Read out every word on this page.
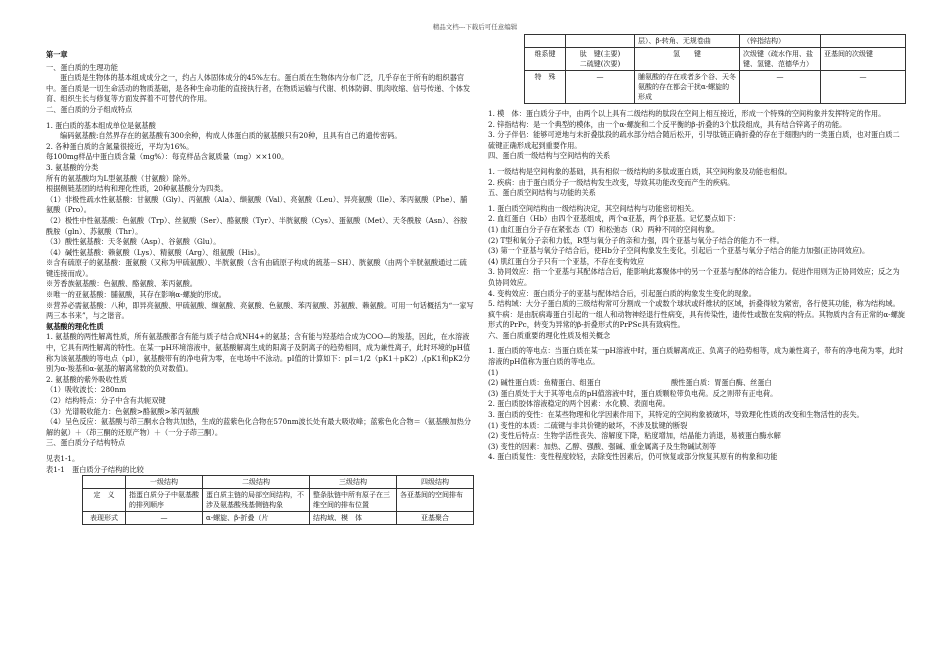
精品文档---下载后可任意编辑

第一章

一、蛋白质的生理功能

蛋白质是生物体的基本组成成分之一，约占人体固体成分的45%左右。蛋白质在生物体内分布广泛，几乎存在于所有的组织器官中。蛋白质是一切生命活动的物质基础，是各种生命功能的直接执行者，在物质运输与代谢、机体防御、肌肉收缩、信号传递、个体发育、组织生长与修复等方面发挥着不可替代的作用。

二、蛋白质的分子组成特点

1. 蛋白质的基本组成单位是氨基酸

编码氨基酸:自然界存在的氨基酸有300余种，构成人体蛋白质的氨基酸只有20种，且具有自己的遗传密码。

2. 各种蛋白质的含氮量很接近，平均为16%。

每100mg样品中蛋白质含量（mg%）：每克样品含氮质量（mg）××100。

3. 氨基酸的分类

所有的氨基酸均为L型氨基酸（甘氨酸）除外。

根据侧链基团的结构和理化性质，20种氨基酸分为四类。

（1）非极性疏水性氨基酸：甘氨酸（Gly）、丙氨酸（Ala）、缬氨酸（Val）、亮氨酸（Leu）、异亮氨酸（Ile）、苯丙氨酸（Phe）、脯氨酸（Pro）。

（2）极性中性氨基酸：色氨酸（Trp）、丝氨酸（Ser）、酪氨酸（Tyr）、半胱氨酸（Cys）、蛋氨酸（Met）、天冬酰胺（Asn）、谷胺酰胺（gln）、苏氨酸（Thr）。

（3）酸性氨基酸：天冬氨酸（Asp）、谷氨酸（Glu）。

（4）碱性氨基酸：赖氨酸（Lys）、精氨酸（Arg）、组氨酸（His）。

※含有硫原子的氨基酸：蛋氨酸（又称为甲硫氨酸）、半胱氨酸（含有由硫原子构成的巯基－SH）、胱氨酸（由两个半胱氨酸通过二硫键连接而成）。

※芳香族氨基酸：色氨酸、酪氨酸、苯丙氨酸。

※唯一的亚氨基酸：脯氨酸，其存在影响α-螺旋的形成。

※营养必需氨基酸：八种，即异亮氨酸、甲硫氨酸、缬氨酸、亮氨酸、色氨酸、苯丙氨酸、苏氨酸、赖氨酸。可用一句话概括为“一家写两三本书来”，与之谐音。

氨基酸的理化性质

1. 氨基酸的两性解离性质，所有氨基酸都含有能与质子结合成NH4+的氨基；含有能与羟基结合成为COO—的羧基，因此，在水溶液中，它具有两性解离的特性。在某一pH环境溶液中，氨基酸解离生成的阳离子及阴离子的趋势相同，成为兼性离子，此时环境的pH值称为该氨基酸的等电点（pI），氨基酸带有的净电荷为零，在电场中不泳动。pI值的计算如下：pI＝1/2（pK1＋pK2）,(pK1和pK2分别为α-羧基和α-氨基的解离常数的负对数值)。

2. 氨基酸的紫外吸收性质

（1）吸收波长：280nm

（2）结构特点：分子中含有共轭双键

（3）光谱吸收能力：色氨酸>酪氨酸>苯丙氨酸

（4）呈色反应：氨基酸与茚三酮水合物共加热，生成的蓝紫色化合物在570nm波长处有最大吸收峰；蓝紫色化合物＝（氨基酸加热分解的氨）＋（茚三酮的还原产物）＋（一分子茚三酮）。

三、蛋白质分子结构特点

见表1-1。

表1-1　蛋白质分子结构的比较

	一级结构	二级结构	三级结构	四级结构
定　义	指蛋白质分子中氨基酸的排列顺序	蛋白质主链的局部空间结构，不涉及氨基酸残基侧链构象	整条肽链中所有原子在三维空间的排布位置	各亚基间的空间排布
表现形式	—	α-螺旋、β-折叠（片	结构域、模　体	亚基聚合
		层）、β-转角、无规卷曲	（锌指结构）	
维系键	肽　键(主要)
二硫键(次要)	氢　　键	次级键（疏水作用、盐键、氢键、范德华力）	亚基间的次级键
特　殊	—	脯氨酸的存在或者多个谷、天冬氨酸的存在都会干扰α-螺旋的形成	—	—

1. 模　体：蛋白质分子中，由两个以上具有二级结构的肽段在空间上相互接近，形成一个特殊的空间构象并发挥特定的作用。

2. 锌指结构：是一个典型的模体，由一个α-螺旋和二个反平衡的β-折叠的3个肽段组成，具有结合锌离子的功能。

3. 分子伴侣：能够可逆地与未折叠肽段的疏水部分结合随后松开，引导肽链正确折叠的存在于细胞内的一类蛋白质，也对蛋白质二硫键正确形成起到重要作用。

四、蛋白质一级结构与空间结构的关系

1. 一级结构是空间构象的基础，具有相似一级结构的多肽或蛋白质，其空间构象及功能也相似。

2. 疾病：由于蛋白质分子一级结构发生改变，导致其功能改变而产生的疾病。

五、蛋白质空间结构与功能的关系

1. 蛋白质空间结构由一级结构决定，其空间结构与功能密切相关。

2. 血红蛋白（Hb）由四个亚基组成，两个α亚基，两个β亚基。记忆要点如下：

(1) 血红蛋白分子存在紧张态（T）和松弛态（R）两种不同的空间构象。

(2) T型和氧分子亲和力低，R型与氧分子的亲和力强，四个亚基与氧分子结合的能力不一样。

(3) 第一个亚基与氧分子结合后，使Hb分子空间构象发生变化，引起后一个亚基与氧分子结合的能力加强(正协同效应)。

(4) 肌红蛋白分子只有一个亚基，不存在变构效应

3. 协同效应：指一个亚基与其配体结合后，能影响此寡聚体中的另一个亚基与配体的结合能力。促进作用则为正协同效应；反之为负协同效应。

4. 变构效应：蛋白质分子的亚基与配体结合后，引起蛋白质的构象发生变化的现象。

5. 结构域：大分子蛋白质的三级结构常可分割成一个或数个球状或纤维状的区域，折叠得较为紧密，各行使其功能，称为结构域。疯牛病：是由朊病毒蛋白引起的一组人和动物神经退行性病变，具有传染性，遗传性或散在发病的特点。其物质内含有正常的α-螺旋形式的PrPc，转变为异常的β-折叠形式的PrPSc具有致病性。

六、蛋白质重要的理化性质及相关概念

1. 蛋白质的等电点：当蛋白质在某一pH溶液中时，蛋白质解离成正、负离子的趋势相等，成为兼性离子，带有的净电荷为零，此时溶液的pH值称为蛋白质的等电点。

(1)

(2) 碱性蛋白质：鱼精蛋白、组蛋白	酸性蛋白质：胃蛋白酶、丝蛋白

(3) 蛋白质处于大于其等电点的pH值溶液中时，蛋白质颗粒带负电荷。反之则带有正电荷。

2. 蛋白质胶体溶液稳定的两个因素：水化膜、表面电荷。

3. 蛋白质的变性：在某些物理和化学因素作用下，其特定的空间构象被破坏，导致理化性质的改变和生物活性的丧失。

(1) 变性的本质：二硫键与非共价键的破坏，不涉及肽键的断裂

(2) 变性后特点：生物学活性丧失、溶解度下降，粘度增加，结晶能力消退，易被蛋白酶水解

(3) 变性的因素：加热、乙醇、强酸、强碱、重金属离子及生物碱试剂等

4. 蛋白质复性：变性程度较轻，去除变性因素后，仍可恢复或部分恢复其原有的构象和功能
